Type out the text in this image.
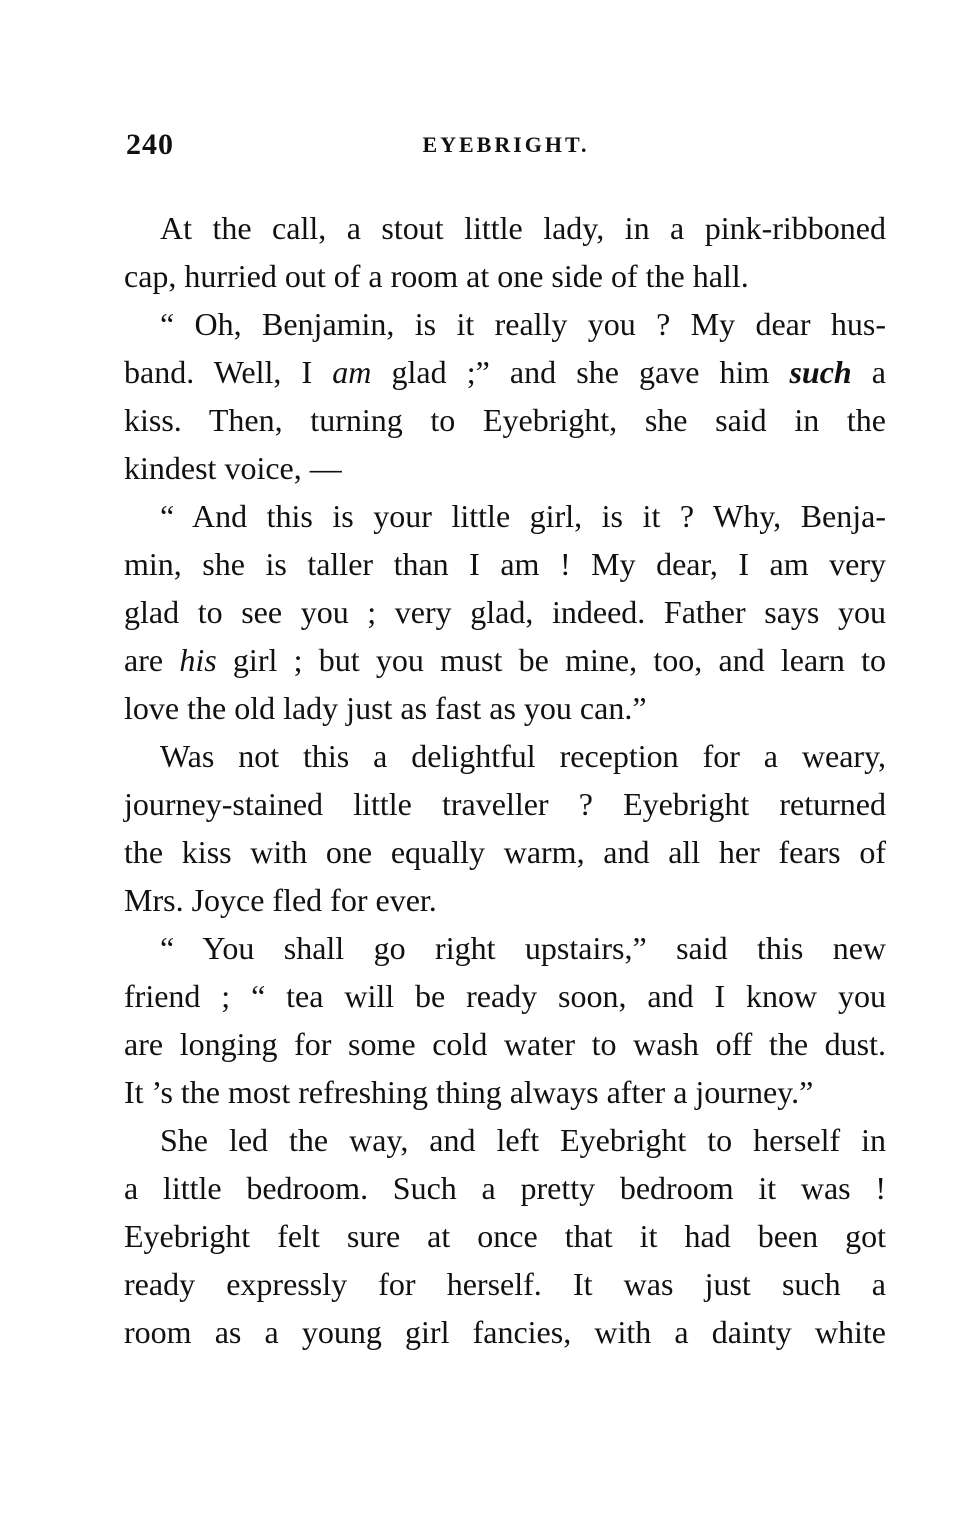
240	EYEBRIGHT.
At the call, a stout little lady, in a pink-ribboned
cap, hurried out of a room at one side of the hall.
“ Oh, Benjamin, is it really you ? My dear hus-
band. Well, I am glad ;” and she gave him such a
kiss. Then, turning to Eyebright, she said in the
kindest voice, —
“ And this is your little girl, is it ? Why, Benja-
min, she is taller than I am ! My dear, I am very
glad to see you ; very glad, indeed. Father says you
are his girl ; but you must be mine, too, and learn to
love the old lady just as fast as you can.”
Was not this a delightful reception for a weary,
journey-stained little traveller ? Eyebright returned
the kiss with one equally warm, and all her fears of
Mrs. Joyce fled for ever.
“ You shall go right upstairs,” said this new
friend ; “ tea will be ready soon, and I know you
are longing for some cold water to wash off the dust.
It ’s the most refreshing thing always after a journey.”
She led the way, and left Eyebright to herself in
a little bedroom. Such a pretty bedroom it was !
Eyebright felt sure at once that it had been got
ready expressly for herself. It was just such a
room as a young girl fancies, with a dainty white
